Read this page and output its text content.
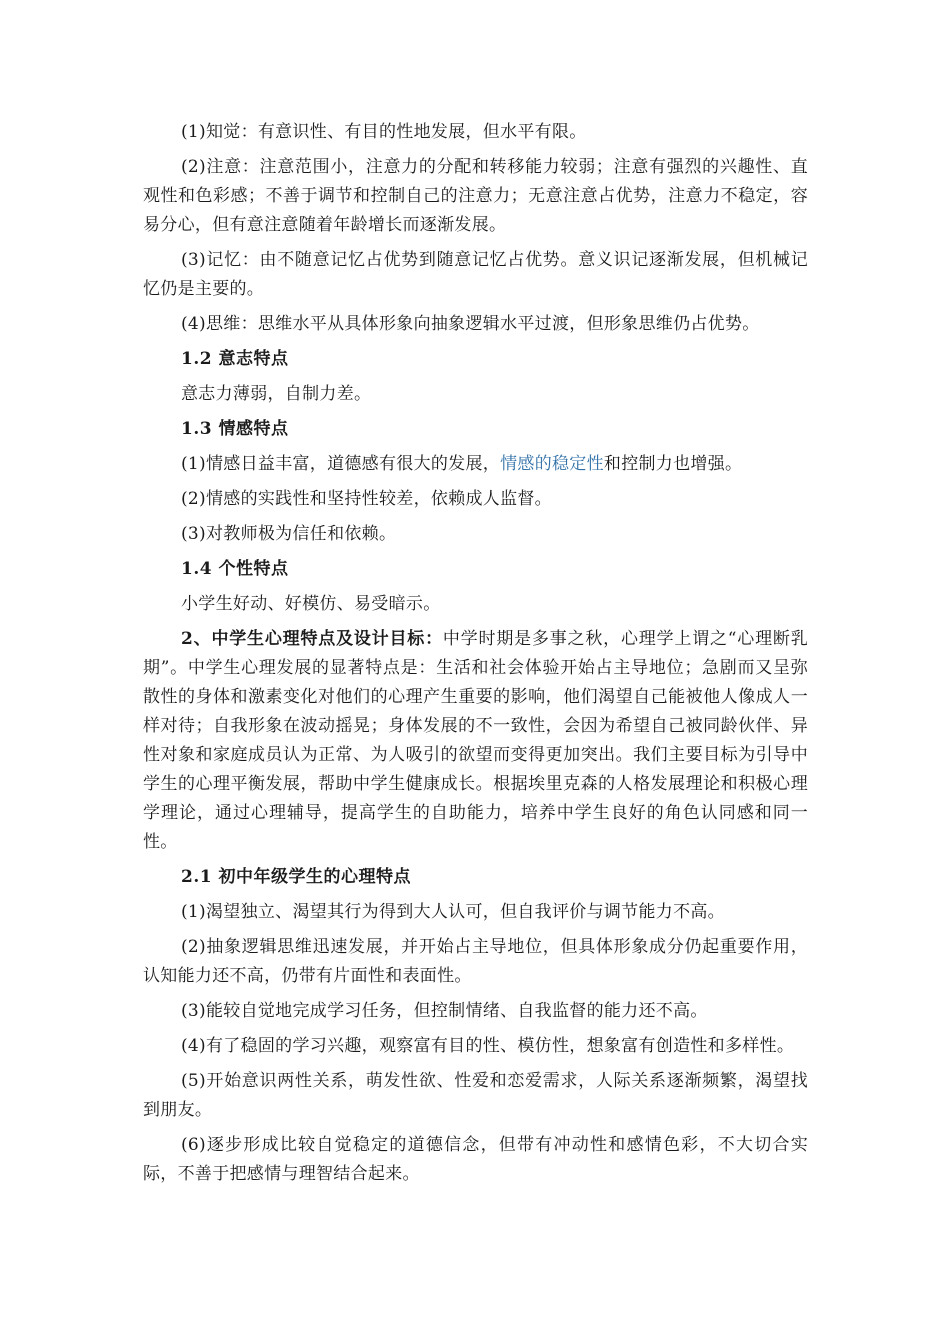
(1)知觉：有意识性、有目的性地发展，但水平有限。

(2)注意：注意范围小，注意力的分配和转移能力较弱；注意有强烈的兴趣性、直观性和色彩感；不善于调节和控制自己的注意力；无意注意占优势，注意力不稳定，容易分心，但有意注意随着年龄增长而逐渐发展。

(3)记忆：由不随意记忆占优势到随意记忆占优势。意义识记逐渐发展，但机械记忆仍是主要的。

(4)思维：思维水平从具体形象向抽象逻辑水平过渡，但形象思维仍占优势。

1.2 意志特点

意志力薄弱，自制力差。

1.3 情感特点

(1)情感日益丰富，道德感有很大的发展，情感的稳定性和控制力也增强。

(2)情感的实践性和坚持性较差，依赖成人监督。

(3)对教师极为信任和依赖。

1.4 个性特点

小学生好动、好模仿、易受暗示。

2、中学生心理特点及设计目标：中学时期是多事之秋，心理学上谓之“心理断乳期”。中学生心理发展的显著特点是：生活和社会体验开始占主导地位；急剧而又呈弥散性的身体和激素变化对他们的心理产生重要的影响，他们渴望自己能被他人像成人一样对待；自我形象在波动摇晃；身体发展的不一致性，会因为希望自己被同龄伙伴、异性对象和家庭成员认为正常、为人吸引的欲望而变得更加突出。我们主要目标为引导中学生的心理平衡发展，帮助中学生健康成长。根据埃里克森的人格发展理论和积极心理学理论，通过心理辅导，提高学生的自助能力，培养中学生良好的角色认同感和同一性。

2.1 初中年级学生的心理特点

(1)渴望独立、渴望其行为得到大人认可，但自我评价与调节能力不高。

(2)抽象逻辑思维迅速发展，并开始占主导地位，但具体形象成分仍起重要作用，认知能力还不高，仍带有片面性和表面性。

(3)能较自觉地完成学习任务，但控制情绪、自我监督的能力还不高。

(4)有了稳固的学习兴趣，观察富有目的性、模仿性，想象富有创造性和多样性。

(5)开始意识两性关系，萌发性欲、性爱和恋爱需求，人际关系逐渐频繁，渴望找到朋友。

(6)逐步形成比较自觉稳定的道德信念，但带有冲动性和感情色彩，不大切合实际，不善于把感情与理智结合起来。
